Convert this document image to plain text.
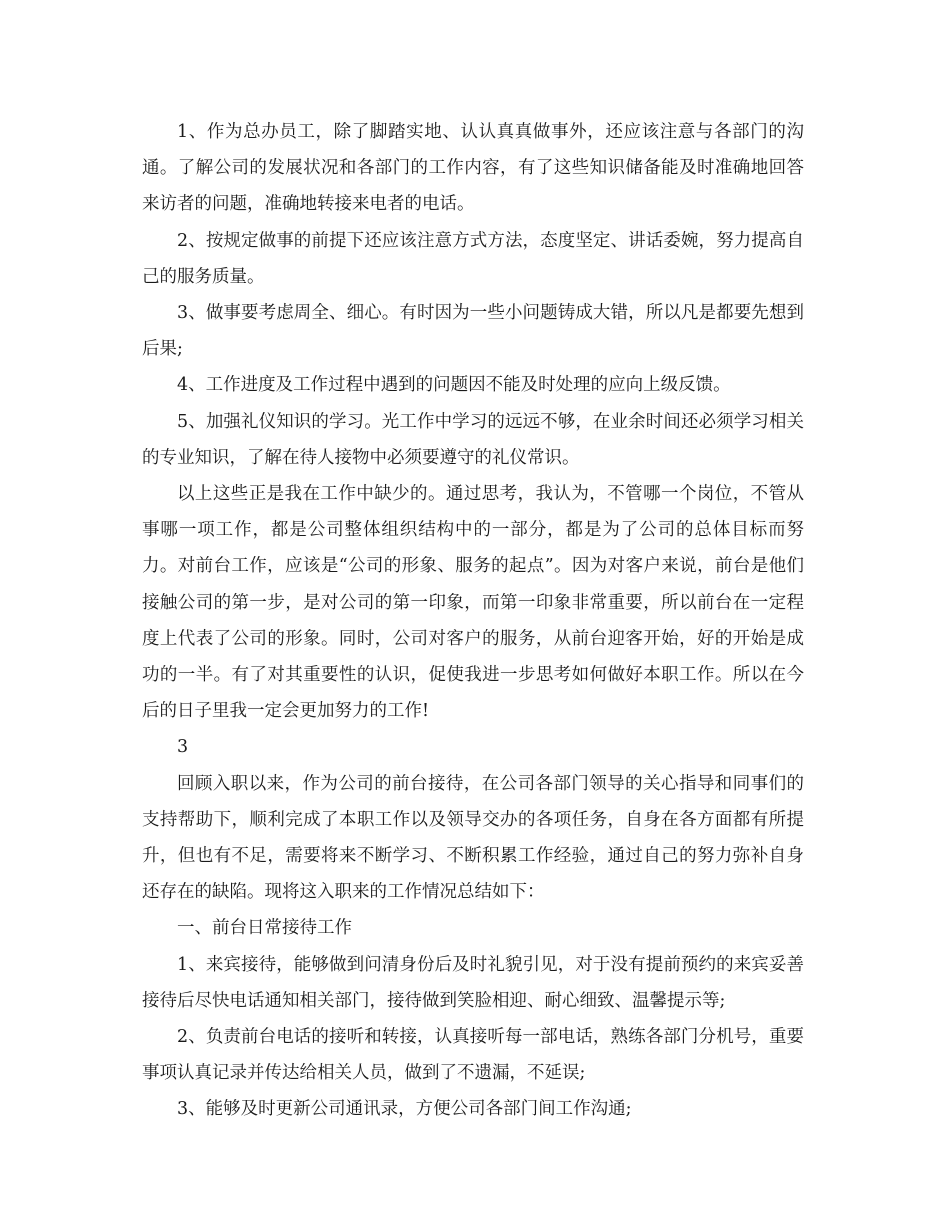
1、作为总办员工，除了脚踏实地、认认真真做事外，还应该注意与各部门的沟通。了解公司的发展状况和各部门的工作内容，有了这些知识储备能及时准确地回答来访者的问题，准确地转接来电者的电话。

2、按规定做事的前提下还应该注意方式方法，态度坚定、讲话委婉，努力提高自己的服务质量。

3、做事要考虑周全、细心。有时因为一些小问题铸成大错，所以凡是都要先想到后果;

4、工作进度及工作过程中遇到的问题因不能及时处理的应向上级反馈。

5、加强礼仪知识的学习。光工作中学习的远远不够，在业余时间还必须学习相关的专业知识，了解在待人接物中必须要遵守的礼仪常识。

以上这些正是我在工作中缺少的。通过思考，我认为，不管哪一个岗位，不管从事哪一项工作，都是公司整体组织结构中的一部分，都是为了公司的总体目标而努力。对前台工作，应该是“公司的形象、服务的起点”。因为对客户来说，前台是他们接触公司的第一步，是对公司的第一印象，而第一印象非常重要，所以前台在一定程度上代表了公司的形象。同时，公司对客户的服务，从前台迎客开始，好的开始是成功的一半。有了对其重要性的认识，促使我进一步思考如何做好本职工作。所以在今后的日子里我一定会更加努力的工作!

3

回顾入职以来，作为公司的前台接待，在公司各部门领导的关心指导和同事们的支持帮助下，顺利完成了本职工作以及领导交办的各项任务，自身在各方面都有所提升，但也有不足，需要将来不断学习、不断积累工作经验，通过自己的努力弥补自身还存在的缺陷。现将这入职来的工作情况总结如下：

一、前台日常接待工作

1、来宾接待，能够做到问清身份后及时礼貌引见，对于没有提前预约的来宾妥善接待后尽快电话通知相关部门，接待做到笑脸相迎、耐心细致、温馨提示等;

2、负责前台电话的接听和转接，认真接听每一部电话，熟练各部门分机号，重要事项认真记录并传达给相关人员，做到了不遗漏，不延误;

3、能够及时更新公司通讯录，方便公司各部门间工作沟通;
